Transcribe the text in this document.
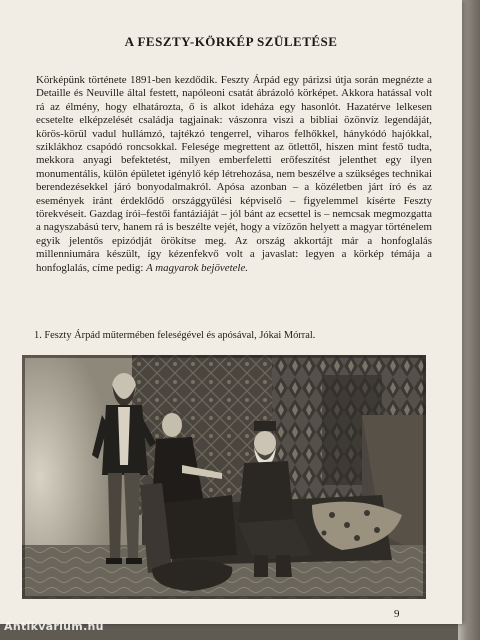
A FESZTY-KÖRKÉP SZÜLETÉSE

Körképünk története 1891-ben kezdődik. Feszty Árpád egy párizsi útja során megnézte a Detaille és Neuville által festett, napóleoni csatát ábrázoló körképet. Akkora hatással volt rá az élmény, hogy elhatározta, ő is alkot ideháza egy hasonlót. Hazatérve lelkesen ecsetelte elképzelését családja tagjainak: vászonra viszi a bibliai özönvíz legendáját, körös-körül vadul hullámzó, tajtékzó tengerrel, viharos felhőkkel, hánykódó hajókkal, sziklákhoz csapódó roncsokkal. Felesége megrettent az ötlettől, hiszen mint festő tudta, mekkora anyagi befektetést, milyen emberfeletti erőfeszítést jelenthet egy ilyen monumentális, külön épületet igénylő kép létrehozása, nem beszélve a szükséges technikai berendezésekkel járó bonyodalmakról. Apósa azonban – a közéletben járt író és az események iránt érdeklődő országgyűlési képviselő – figyelemmel kísérte Feszty törekvéseit. Gazdag írói–festői fantáziáját – jól bánt az ecsettel is – nemcsak megmozgatta a nagyszabású terv, hanem rá is beszélte vejét, hogy a vízözön helyett a magyar történelem egyik jelentős epizódját örökítse meg. Az ország akkortájt már a honfoglalás millenniumára készült, így kézenfekvő volt a javaslat: legyen a körkép témája a honfoglalás, címe pedig: A magyarok bejövetele.

1. Feszty Árpád műtermében feleségével és apósával, Jókai Mórral.

9
Antikvarium.hu
